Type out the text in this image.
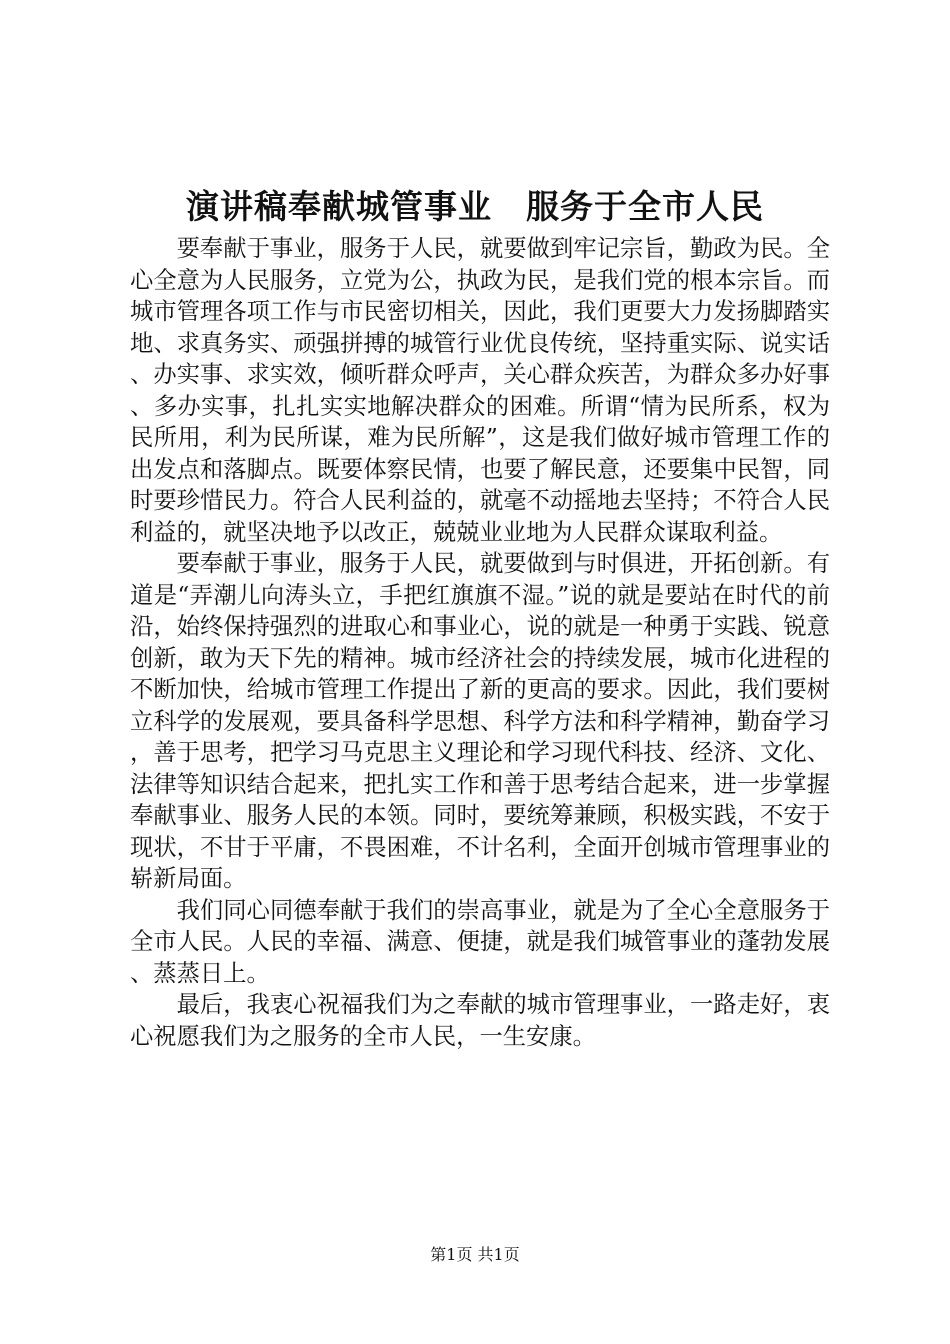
演讲稿奉献城管事业　服务于全市人民

要奉献于事业，服务于人民，就要做到牢记宗旨，勤政为民。全心全意为人民服务，立党为公，执政为民，是我们党的根本宗旨。而城市管理各项工作与市民密切相关，因此，我们更要大力发扬脚踏实地、求真务实、顽强拼搏的城管行业优良传统，坚持重实际、说实话、办实事、求实效，倾听群众呼声，关心群众疾苦，为群众多办好事、多办实事，扎扎实实地解决群众的困难。所谓“情为民所系，权为民所用，利为民所谋，难为民所解”，这是我们做好城市管理工作的出发点和落脚点。既要体察民情，也要了解民意，还要集中民智，同时要珍惜民力。符合人民利益的，就毫不动摇地去坚持；不符合人民利益的，就坚决地予以改正，兢兢业业地为人民群众谋取利益。

要奉献于事业，服务于人民，就要做到与时俱进，开拓创新。有道是“弄潮儿向涛头立，手把红旗旗不湿。”说的就是要站在时代的前沿，始终保持强烈的进取心和事业心，说的就是一种勇于实践、锐意创新，敢为天下先的精神。城市经济社会的持续发展，城市化进程的不断加快，给城市管理工作提出了新的更高的要求。因此，我们要树立科学的发展观，要具备科学思想、科学方法和科学精神，勤奋学习，善于思考，把学习马克思主义理论和学习现代科技、经济、文化、法律等知识结合起来，把扎实工作和善于思考结合起来，进一步掌握奉献事业、服务人民的本领。同时，要统筹兼顾，积极实践，不安于现状，不甘于平庸，不畏困难，不计名利，全面开创城市管理事业的崭新局面。

我们同心同德奉献于我们的崇高事业，就是为了全心全意服务于全市人民。人民的幸福、满意、便捷，就是我们城管事业的蓬勃发展、蒸蒸日上。

最后，我衷心祝福我们为之奉献的城市管理事业，一路走好，衷心祝愿我们为之服务的全市人民，一生安康。

第1页 共1页
